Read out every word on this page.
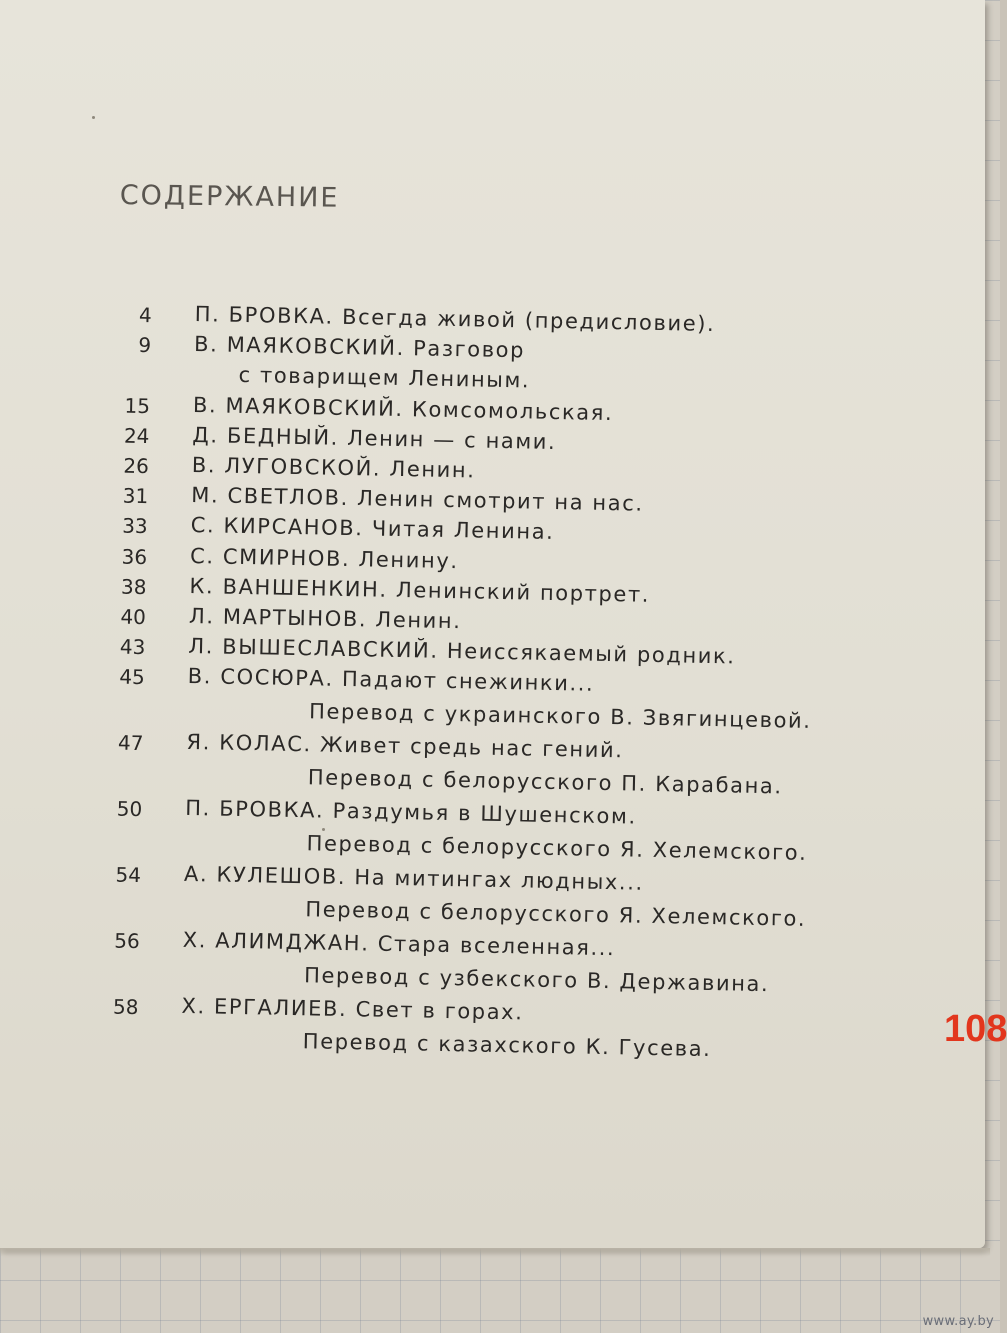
СОДЕРЖАНИЕ
4 П. БРОВКА. Всегда живой (предисловие).
9 В. МАЯКОВСКИЙ. Разговор
с товарищем Лениным.
15 В. МАЯКОВСКИЙ. Комсомольская.
24 Д. БЕДНЫЙ. Ленин — с нами.
26 В. ЛУГОВСКОЙ. Ленин.
31 М. СВЕТЛОВ. Ленин смотрит на нас.
33 С. КИРСАНОВ. Читая Ленина.
36 С. СМИРНОВ. Ленину.
38 К. ВАНШЕНКИН. Ленинский портрет.
40 Л. МАРТЫНОВ. Ленин.
43 Л. ВЫШЕСЛАВСКИЙ. Неиссякаемый родник.
45 В. СОСЮРА. Падают снежинки...
Перевод с украинского В. Звягинцевой.
47 Я. КОЛАС. Живет средь нас гений.
Перевод с белорусского П. Карабана.
50 П. БРОВКА. Раздумья в Шушенском.
Перевод с белорусского Я. Хелемского.
54 А. КУЛЕШОВ. На митингах людных...
Перевод с белорусского Я. Хелемского.
56 Х. АЛИМДЖАН. Стара вселенная...
Перевод с узбекского В. Державина.
58 Х. ЕРГАЛИЕВ. Свет в горах.
Перевод с казахского К. Гусева.	108
www.ay.by
